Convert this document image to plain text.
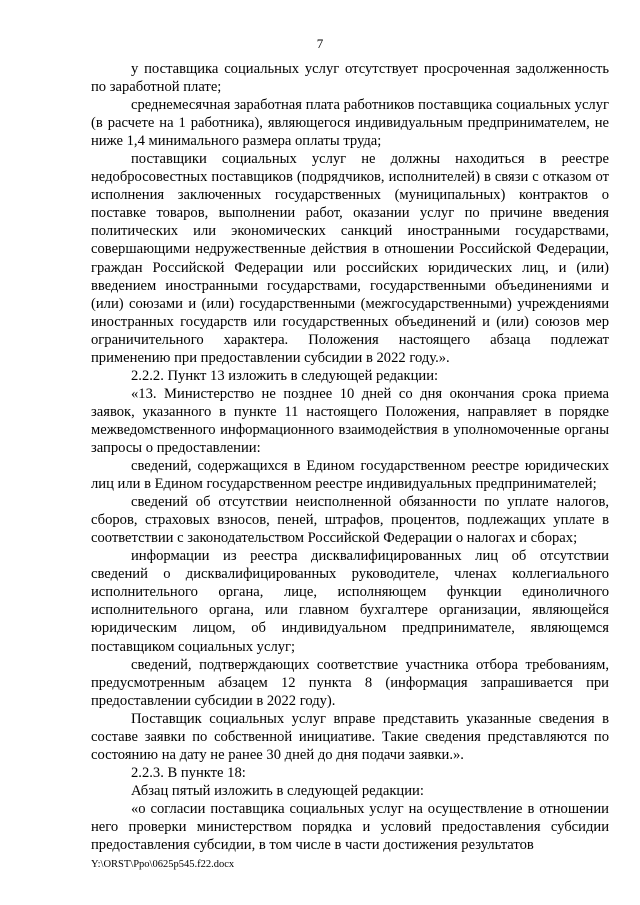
7

у поставщика социальных услуг отсутствует просроченная задолженность по заработной плате;

среднемесячная заработная плата работников поставщика социальных услуг (в расчете на 1 работника), являющегося индивидуальным предпринимателем, не ниже 1,4 минимального размера оплаты труда;

поставщики социальных услуг не должны находиться в реестре недобросовестных поставщиков (подрядчиков, исполнителей) в связи с отказом от исполнения заключенных государственных (муниципальных) контрактов о поставке товаров, выполнении работ, оказании услуг по причине введения политических или экономических санкций иностранными государствами, совершающими недружественные действия в отношении Российской Федерации, граждан Российской Федерации или российских юридических лиц, и (или) введением иностранными государствами, государственными объединениями и (или) союзами и (или) государственными (межгосударственными) учреждениями иностранных государств или государственных объединений и (или) союзов мер ограничительного характера. Положения настоящего абзаца подлежат применению при предоставлении субсидии в 2022 году.».

2.2.2. Пункт 13 изложить в следующей редакции:

«13. Министерство не позднее 10 дней со дня окончания срока приема заявок, указанного в пункте 11 настоящего Положения, направляет в порядке межведомственного информационного взаимодействия в уполномоченные органы запросы о предоставлении:

сведений, содержащихся в Едином государственном реестре юридических лиц или в Едином государственном реестре индивидуальных предпринимателей;

сведений об отсутствии неисполненной обязанности по уплате налогов, сборов, страховых взносов, пеней, штрафов, процентов, подлежащих уплате в соответствии с законодательством Российской Федерации о налогах и сборах;

информации из реестра дисквалифицированных лиц об отсутствии сведений о дисквалифицированных руководителе, членах коллегиального исполнительного органа, лице, исполняющем функции единоличного исполнительного органа, или главном бухгалтере организации, являющейся юридическим лицом, об индивидуальном предпринимателе, являющемся поставщиком социальных услуг;

сведений, подтверждающих соответствие участника отбора требованиям, предусмотренным абзацем 12 пункта 8 (информация запрашивается при предоставлении субсидии в 2022 году).

Поставщик социальных услуг вправе представить указанные сведения в составе заявки по собственной инициативе. Такие сведения представляются по состоянию на дату не ранее 30 дней до дня подачи заявки.».

2.2.3. В пункте 18:

Абзац пятый изложить в следующей редакции:

«о согласии поставщика социальных услуг на осуществление в отношении него проверки министерством порядка и условий предоставления субсидии предоставления субсидии, в том числе в части достижения результатов

Y:\ORST\Ppo\0625p545.f22.docx
